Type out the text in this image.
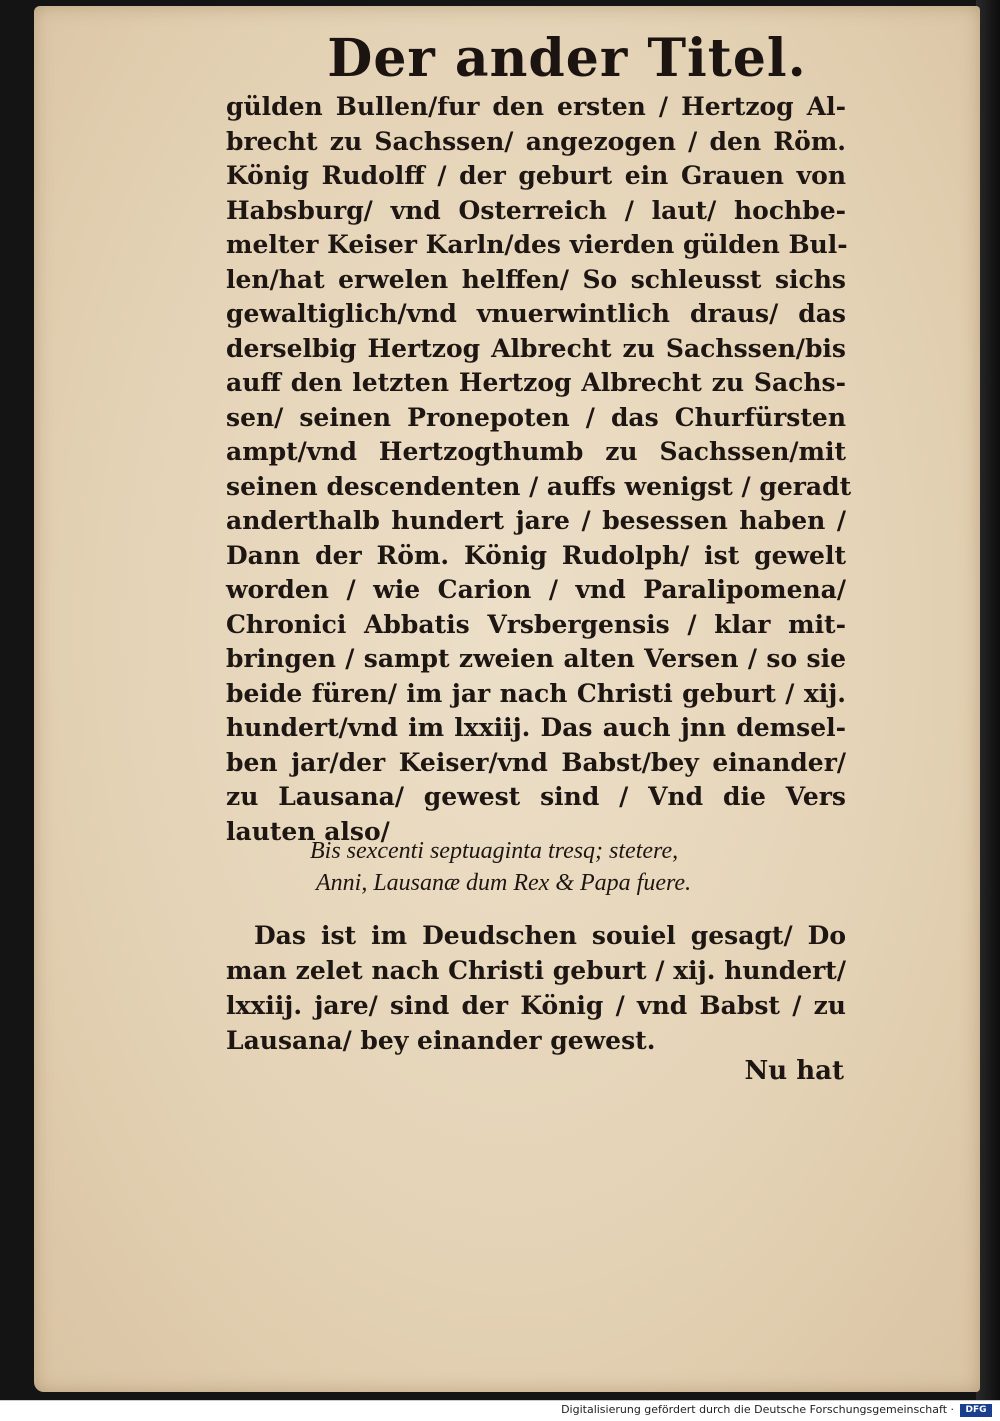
Der ander Titel.
gülden Bullen/fur den ersten / Hertzog Al-
brecht zu Sachssen/ angezogen / den Röm.
König Rudolff / der geburt ein Grauen von
Habsburg/ vnd Osterreich / laut/ hochbe-
melter Keiser Karln/des vierden gülden Bul-
len/hat erwelen helffen/ So schleusst sichs
gewaltiglich/vnd vnuerwintlich draus/ das
derselbig Hertzog Albrecht zu Sachssen/bis
auff den letzten Hertzog Albrecht zu Sachs-
sen/ seinen Pronepoten / das Churfürsten
ampt/vnd Hertzogthumb zu Sachssen/mit
seinen descendenten / auffs wenigst / geradt
anderthalb hundert jare / besessen haben /
Dann der Röm. König Rudolph/ ist gewelt
worden / wie Carion / vnd Paralipomena/
Chronici Abbatis Vrsbergensis / klar mit-
bringen / sampt zweien alten Versen / so sie
beide füren/ im jar nach Christi geburt / xij.
hundert/vnd im lxxiij. Das auch jnn demsel-
ben jar/der Keiser/vnd Babst/bey einander/
zu Lausana/ gewest sind / Vnd die Vers
lauten also/
Bis sexcenti septuaginta tresq; stetere,
Anni, Lausanæ dum Rex & Papa fuere.
Das ist im Deudschen souiel gesagt/ Do
man zelet nach Christi geburt / xij. hundert/
lxxiij. jare/ sind der König / vnd Babst / zu
Lausana/ bey einander gewest.
Nu hat
Digitalisierung gefördert durch die Deutsche Forschungsgemeinschaft ·	DFG
